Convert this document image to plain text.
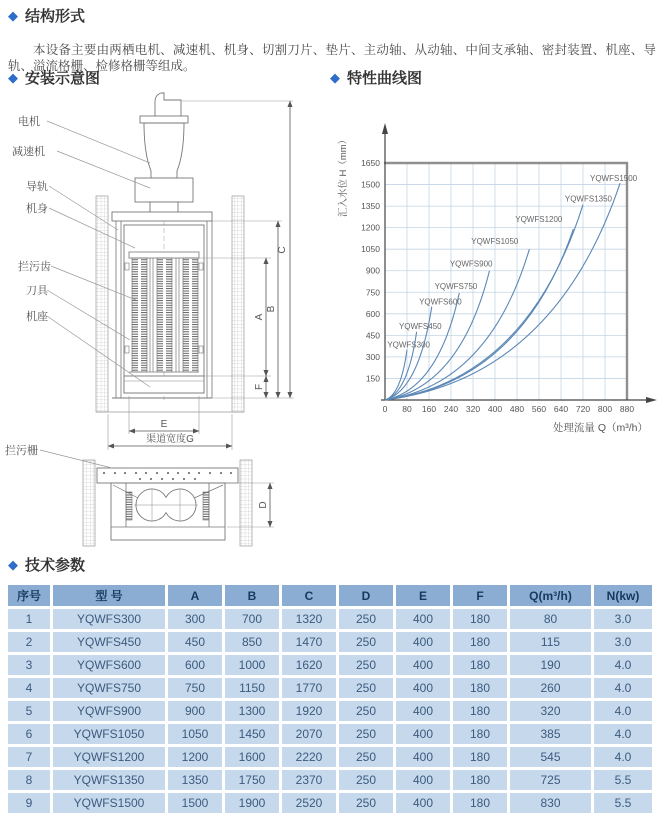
◆ 结构形式

本设备主要由两栖电机、减速机、机身、切割刀片、垫片、主动轴、从动轴、中间支承轴、密封装置、机座、导轨、溢流格栅、检修格栅等组成。

◆ 安装示意图	◆ 特性曲线图
◆ 技术参数
C
B
A
F
E
渠道宽度G
D
电机
减速机
导轨
机身
拦污齿
刀具
机座
拦污栅
0 80 160 240 320 400 480 560 640 720 800 880
150
300
450
600
750
900
1050
1200
1350
1500
1650
处理流量 Q（m³/h）
汇入水位 H（mm）
YQWFS300
YQWFS450
YQWFS600
YQWFS750
YQWFS900
YQWFS1050
YQWFS1200
YQWFS1350
YQWFS1500
序号	型 号	A	B	C	D	E	F	Q(m³/h)	N(kw)
1	YQWFS300	300	700	1320	250	400	180	80	3.0
2	YQWFS450	450	850	1470	250	400	180	115	3.0
3	YQWFS600	600	1000	1620	250	400	180	190	4.0
4	YQWFS750	750	1150	1770	250	400	180	260	4.0
5	YQWFS900	900	1300	1920	250	400	180	320	4.0
6	YQWFS1050	1050	1450	2070	250	400	180	385	4.0
7	YQWFS1200	1200	1600	2220	250	400	180	545	4.0
8	YQWFS1350	1350	1750	2370	250	400	180	725	5.5
9	YQWFS1500	1500	1900	2520	250	400	180	830	5.5
